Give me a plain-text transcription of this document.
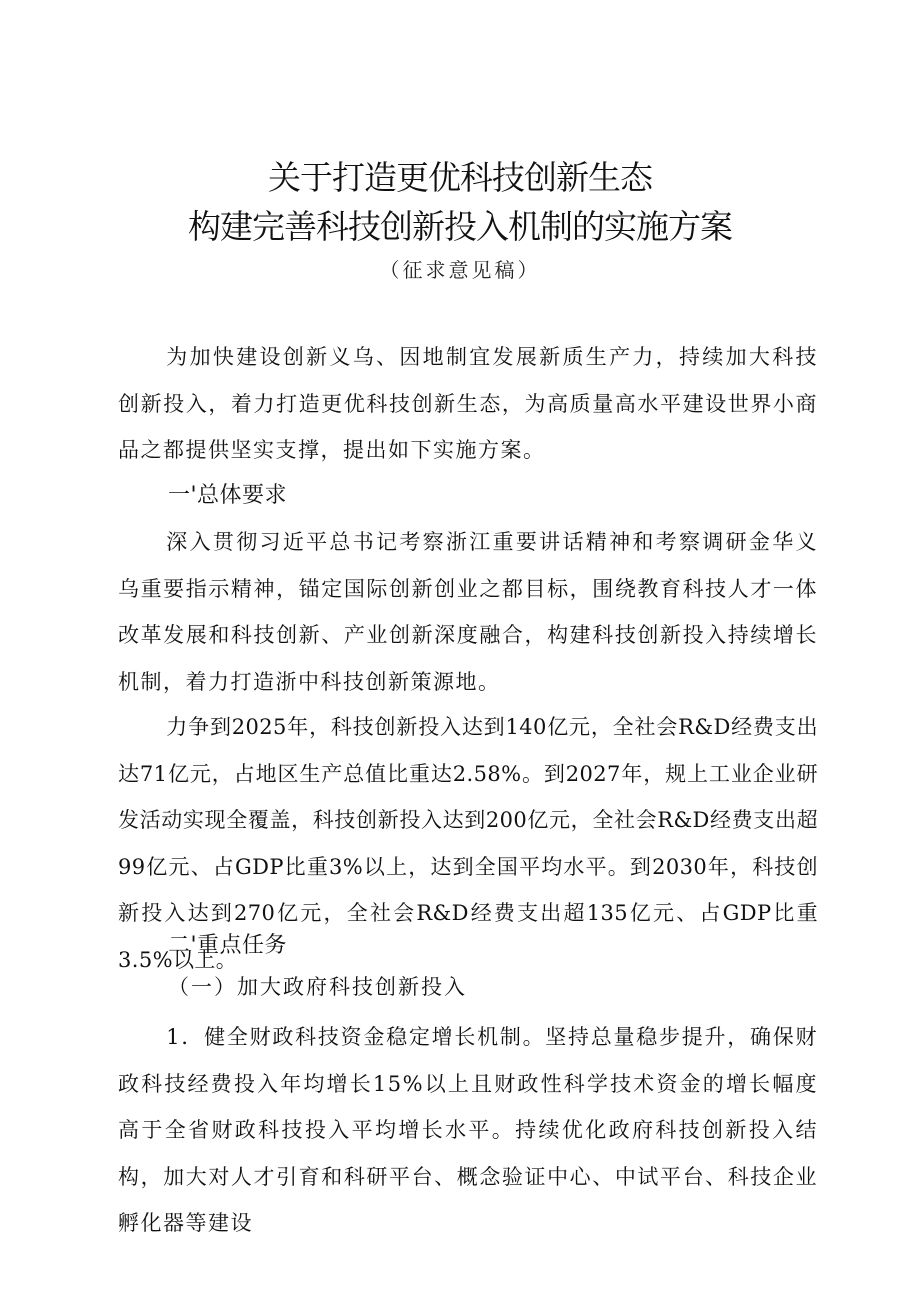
关于打造更优科技创新生态
构建完善科技创新投入机制的实施方案
（征求意见稿）
为加快建设创新义乌、因地制宜发展新质生产力，持续加大科技创新投入，着力打造更优科技创新生态，为高质量高水平建设世界小商品之都提供坚实支撑，提出如下实施方案。
一'总体要求
深入贯彻习近平总书记考察浙江重要讲话精神和考察调研金华义乌重要指示精神，锚定国际创新创业之都目标，围绕教育科技人才一体改革发展和科技创新、产业创新深度融合，构建科技创新投入持续增长机制，着力打造浙中科技创新策源地。
力争到2025年，科技创新投入达到140亿元，全社会R&D经费支出达71亿元，占地区生产总值比重达2.58%。到2027年，规上工业企业研发活动实现全覆盖，科技创新投入达到200亿元，全社会R&D经费支出超99亿元、占GDP比重3%以上，达到全国平均水平。到2030年，科技创新投入达到270亿元，全社会R&D经费支出超135亿元、占GDP比重3.5%以上。
二'重点任务
（一）加大政府科技创新投入
1．健全财政科技资金稳定增长机制。坚持总量稳步提升，确保财政科技经费投入年均增长15%以上且财政性科学技术资金的增长幅度高于全省财政科技投入平均增长水平。持续优化政府科技创新投入结构，加大对人才引育和科研平台、概念验证中心、中试平台、科技企业孵化器等建设
